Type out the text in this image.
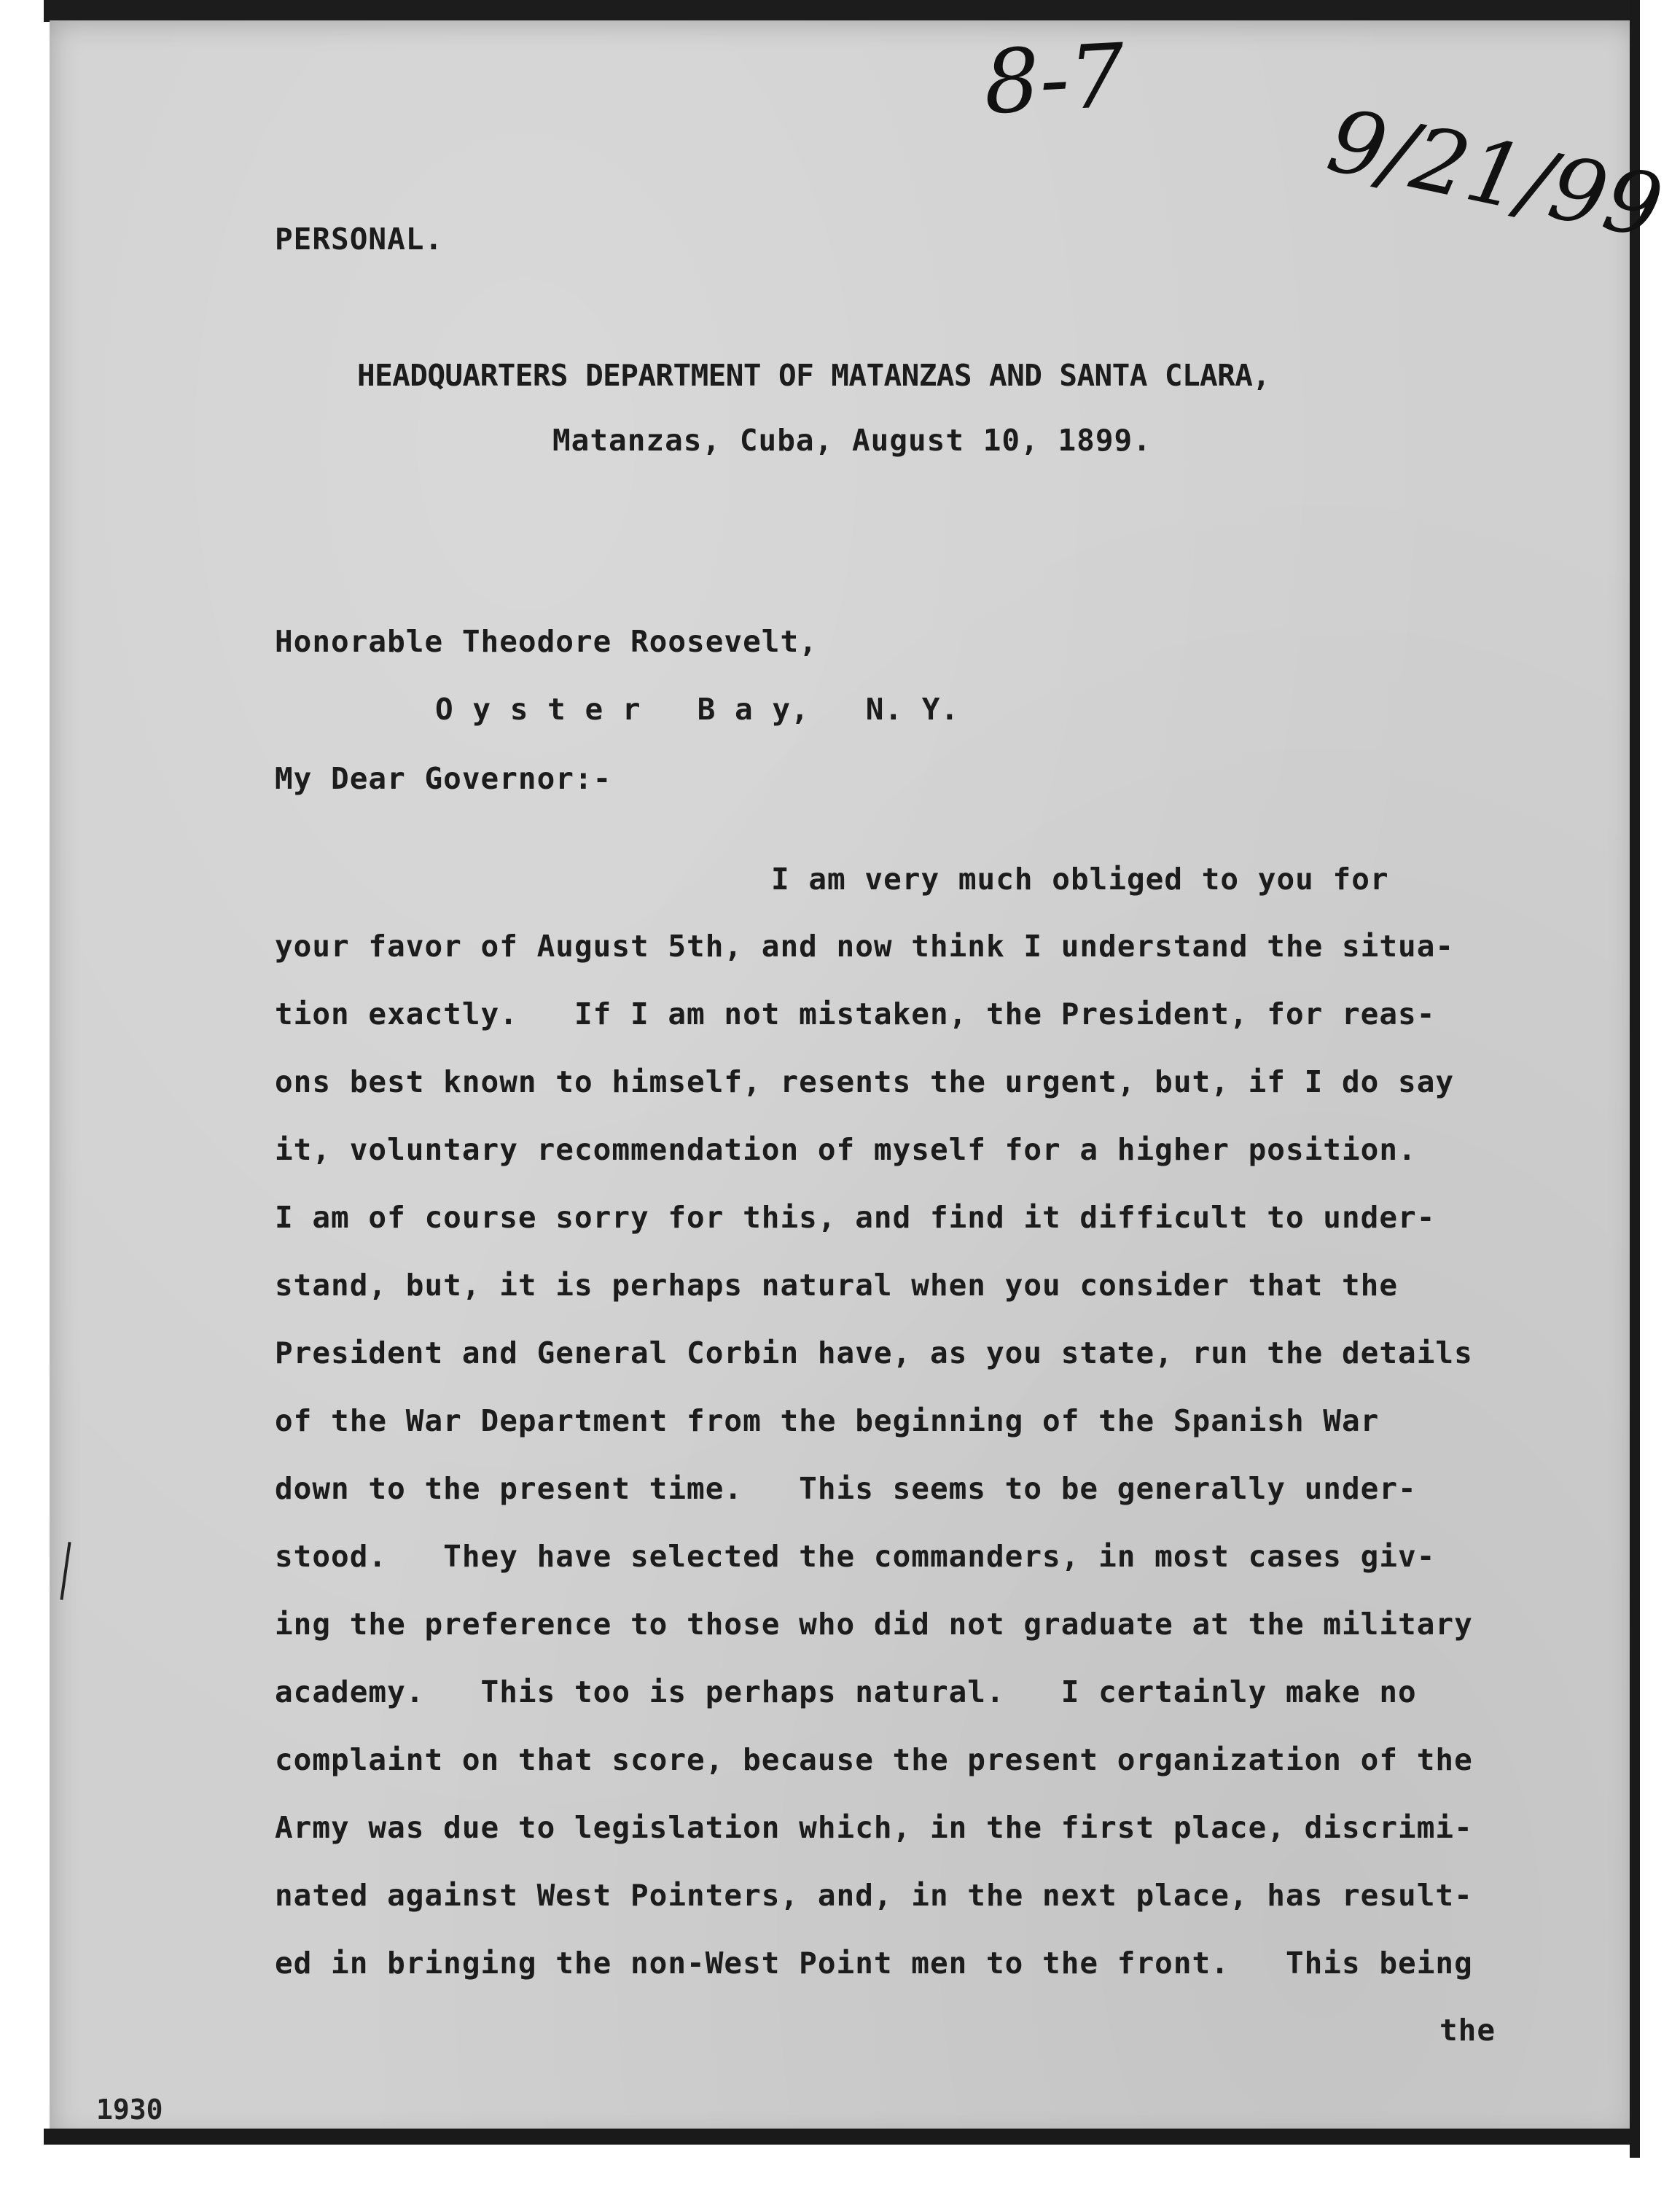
8-7
9/21/99
PERSONAL.
HEADQUARTERS DEPARTMENT OF MATANZAS AND SANTA CLARA,
Matanzas, Cuba, August 10, 1899.
Honorable Theodore Roosevelt,
O y s t e r   B a y,   N. Y.
My Dear Governor:-
I am very much obliged to you for
your favor of August 5th, and now think I understand the situa-
tion exactly.   If I am not mistaken, the President, for reas-
ons best known to himself, resents the urgent, but, if I do say
it, voluntary recommendation of myself for a higher position.
I am of course sorry for this, and find it difficult to under-
stand, but, it is perhaps natural when you consider that the
President and General Corbin have, as you state, run the details
of the War Department from the beginning of the Spanish War
down to the present time.   This seems to be generally under-
stood.   They have selected the commanders, in most cases giv-
ing the preference to those who did not graduate at the military
academy.   This too is perhaps natural.   I certainly make no
complaint on that score, because the present organization of the
Army was due to legislation which, in the first place, discrimi-
nated against West Pointers, and, in the next place, has result-
ed in bringing the non-West Point men to the front.   This being
the
1930
